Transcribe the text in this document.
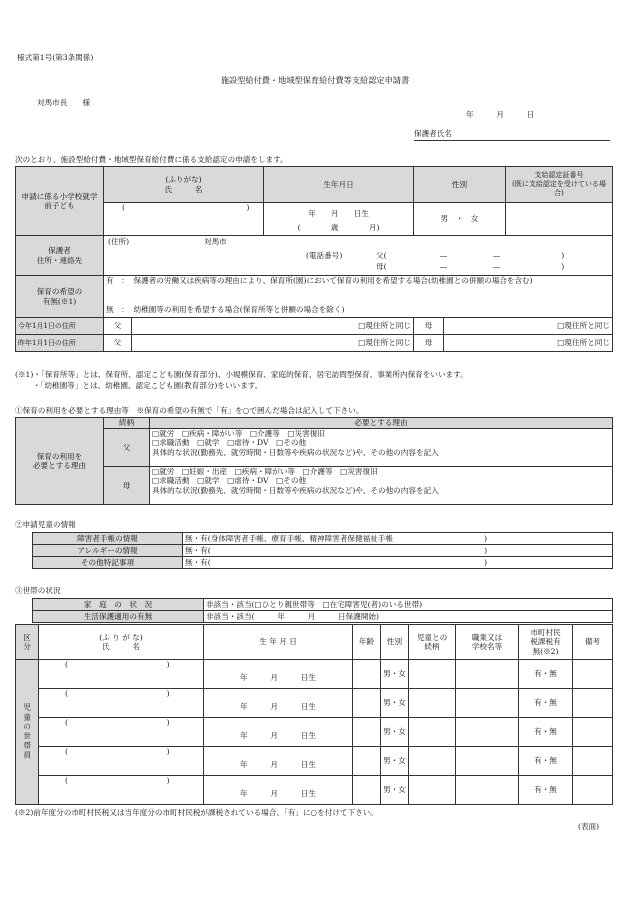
様式第1号(第3条関係)
施設型給付費・地域型保育給付費等支給認定申請書
対馬市長　　様
年　　　月　　　日
保護者氏名
次のとおり、施設型給付費・地域型保育給付費に係る支給認定の申請をします。
申請に係る小学校就学前子ども	(ふりがな)
氏　　　名		生年月日	性別		支給認定証番号
(既に支給認定を受けている場合)
	(　　　　　　　　　　　　　　　　)		年　　月　　日生	男　・　女		
			(　　　　歳　　　　月)			
保護者
住所・連絡先	(住所) 対馬市
(電話番号) 父(　　　　　　　—　　　　　　—　　　　　　　　)
母(　　　　　　　—　　　　　　—　　　　　　　　)					

保育の希望の
有無(※1)	有　：	保護者の労働又は疾病等の理由により、保育所(園)において保育の利用を希望する場合(幼稚園との併願の場合を含む)				
	無　：	幼稚園等の利用を希望する場合(保育所等と併願の場合を除く)				
今年1月1日の住所	父	□現住所と同じ		母	□現住所と同じ	
昨年1月1日の住所	父	□現住所と同じ		母	□現住所と同じ	
(※1)・「保育所等」とは、保育所、認定こども園(保育部分)、小規模保育、家庭的保育、居宅訪問型保育、事業所内保育をいいます。
・「幼稚園等」とは、幼稚園、認定こども園(教育部分)をいいます。
①保育の利用を必要とする理由等　※保育の希望の有無で「有」を○で囲んだ場合は記入して下さい。
保育の利用を
必要とする理由	続柄	必要とする理由
	父	□就労　□疾病・障がい等　□介護等　□災害復旧
□求職活動　□就学　□虐待・DV　□その他
具体的な状況(勤務先、就労時間・日数等や疾病の状況など)や、その他の内容を記入

	母	□就労　□妊娠・出産　□疾病・障がい等　□介護等　□災害復旧
□求職活動　□就学　□虐待・DV　□その他
具体的な状況(勤務先、就労時間・日数等や疾病の状況など)や、その他の内容を記入
②申請児童の情報
障害者手帳の情報	無・有(身体障害者手帳、療育手帳、精神障害者保健福祉手帳　　　　　　　　　　　　)
アレルギーの情報	無・有(　　　　　　　　　　　　　　　　　　　　　　　　　　　　　　　　　　　　)
その他特記事項	無・有(　　　　　　　　　　　　　　　　　　　　　　　　　　　　　　　　　　　　)
③世帯の状況
家　庭　の　状　況	非該当・該当(□ひとり親世帯等　□在宅障害児(者)のいる世帯)
生活保護適用の有無	非該当・該当(　　　年　　　月　　　日保護開始)
区
分	(ふ り が な)
氏　　　名	生 年 月 日	年齢	性別	児童との
続柄	職業又は
学校名等	市町村民
税課税有
無(※2)	備考

児童の世帯員	(　　　　　　　　　　　　　)	年　　　月　　　日生		男・女			有・無	
	(　　　　　　　　　　　　　)	年　　　月　　　日生		男・女			有・無	
	(　　　　　　　　　　　　　)	年　　　月　　　日生		男・女			有・無	
	(　　　　　　　　　　　　　)	年　　　月　　　日生		男・女			有・無	
	(　　　　　　　　　　　　　)	年　　　月　　　日生		男・女			有・無	
(※2)前年度分の市町村民税又は当年度分の市町村民税が課税されている場合、「有」に○を付けて下さい。
(表面)
